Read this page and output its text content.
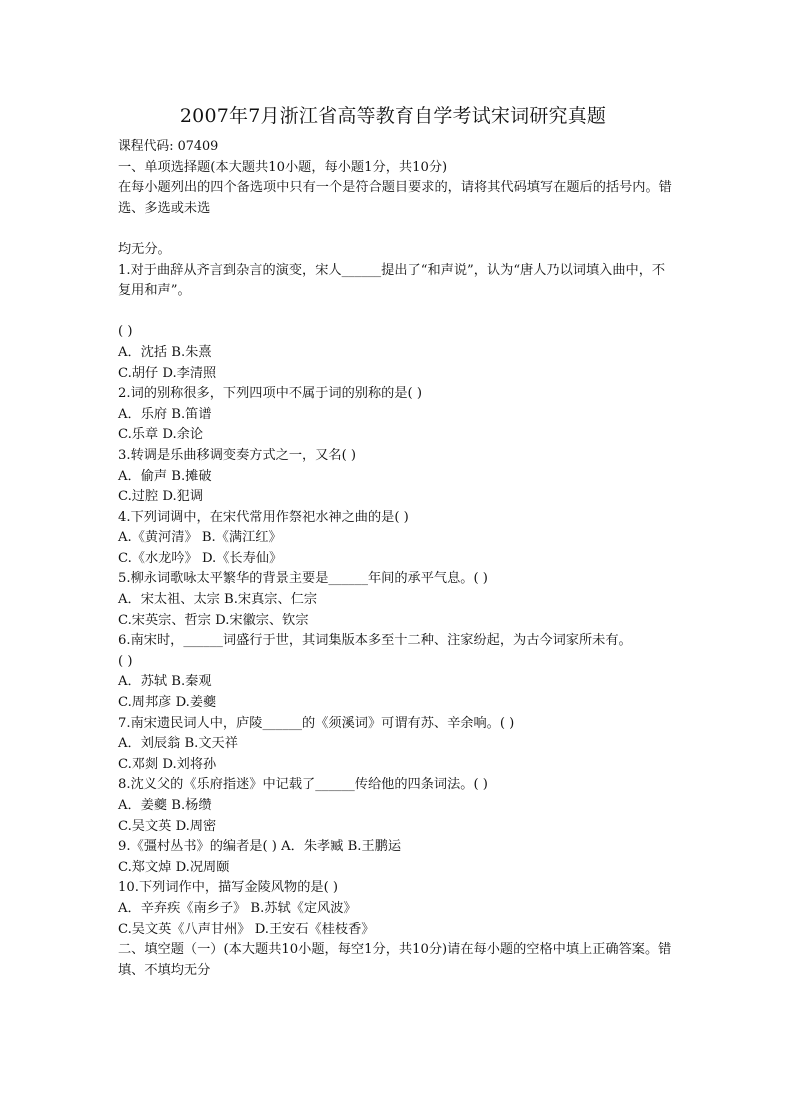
2007年7月浙江省高等教育自学考试宋词研究真题
课程代码: 07409
一、单项选择题(本大题共10小题，每小题1分，共10分)
在每小题列出的四个备选项中只有一个是符合题目要求的，请将其代码填写在题后的括号内。错选、多选或未选
均无分。
1.对于曲辞从齐言到杂言的演变，宋人______提出了“和声说”，认为“唐人乃以词填入曲中，不复用和声”。
( )
A．沈括 B.朱熹
C.胡仔 D.李清照
2.词的别称很多，下列四项中不属于词的别称的是( )
A．乐府 B.笛谱
C.乐章 D.余论
3.转调是乐曲移调变奏方式之一，又名( )
A．偷声 B.摊破
C.过腔 D.犯调
4.下列词调中，在宋代常用作祭祀水神之曲的是( )
A.《黄河清》 B.《满江红》
C.《水龙吟》 D.《长寿仙》
5.柳永词歌咏太平繁华的背景主要是______年间的承平气息。( )
A．宋太祖、太宗 B.宋真宗、仁宗
C.宋英宗、哲宗 D.宋徽宗、钦宗
6.南宋时，______词盛行于世，其词集版本多至十二种、注家纷起，为古今词家所未有。
( )
A．苏轼 B.秦观
C.周邦彦 D.姜夔
7.南宋遗民词人中，庐陵______的《须溪词》可谓有苏、辛余响。( )
A．刘辰翁 B.文天祥
C.邓剡 D.刘将孙
8.沈义父的《乐府指迷》中记载了______传给他的四条词法。( )
A．姜夔 B.杨缵
C.吴文英 D.周密
9.《彊村丛书》的编者是( ) A．朱孝臧 B.王鹏运
C.郑文焯 D.况周颐
10.下列词作中，描写金陵风物的是( )
A．辛弃疾《南乡子》 B.苏轼《定风波》
C.吴文英《八声甘州》 D.王安石《桂枝香》
二、填空题（一）(本大题共10小题，每空1分，共10分)请在每小题的空格中填上正确答案。错填、不填均无分
